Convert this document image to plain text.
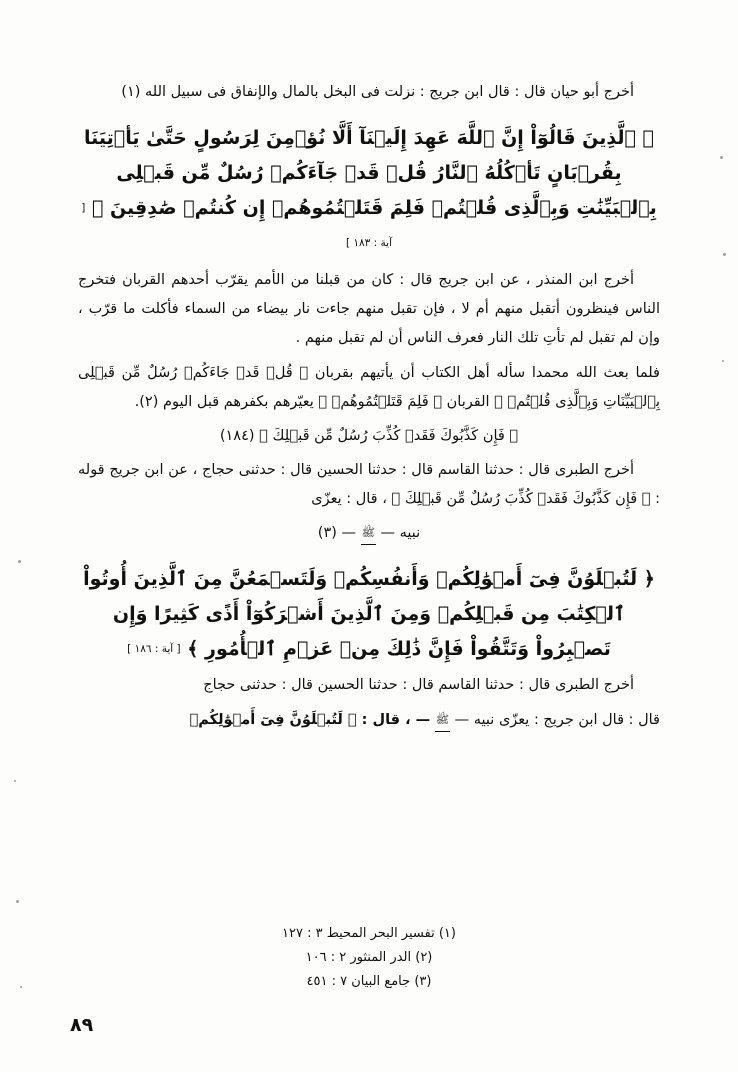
أخرج أبو حيان قال : قال ابن جريج : نزلت فى البخل بالمال والإنفاق فى سبيل الله (١)

﴿ ٱلَّذِينَ قَالُوٓاْ إِنَّ ٱللَّهَ عَهِدَ إِلَيۡنَآ أَلَّا نُؤۡمِنَ لِرَسُولٍ حَتَّىٰ يَأۡتِيَنَا بِقُرۡبَانٍ تَأۡكُلُهُ ٱلنَّارُ قُلۡ قَدۡ جَآءَكُمۡ رُسُلٌ مِّن قَبۡلِى بِٱلۡبَيِّنَٰتِ وَبِٱلَّذِى قُلۡتُمۡ فَلِمَ قَتَلۡتُمُوهُمۡ إِن كُنتُمۡ صَٰدِقِينَ ﴾ [ آية : ١٨٣ ]

أخرج ابن المنذر ، عن ابن جريج قال : كان من قبلنا من الأمم يقرّب أحدهم القربان فتخرج الناس فينظرون أتقبل منهم أم لا ، فإن تقبل منهم جاءت نار بيضاء من السماء فأكلت ما قرّب ، وإن لم تقبل لم تأتِ تلك النار فعرف الناس أن لم تقبل منهم .

فلما بعث الله محمدا سأله أهل الكتاب أن يأتيهم بقربان ﴿ قُلۡ قَدۡ جَاءَكُمۡ رُسُلٌ مِّن قَبۡلِى بِٱلۡبَيِّنَاتِ وَبِٱلَّذِى قُلۡتُمۡ ﴾ القربان ﴿ فَلِمَ قَتَلۡتُمُوهُمۡ ﴾ يعيّرهم بكفرهم قبل اليوم (٢).

﴿ فَإِن كَذَّبُوكَ فَقَدۡ كُذِّبَ رُسُلٌ مِّن قَبۡلِكَ ﴾ (١٨٤)

أخرج الطبرى قال : حدثنا القاسم قال : حدثنا الحسين قال : حدثنى حجاج ، عن ابن جريج قوله : ﴿ فَإِن كَذَّبُوكَ فَقَدۡ كُذِّبَ رُسُلٌ مِّن قَبۡلِكَ ﴾ ، قال : يعزّى

نبيه — ﷺ — (٣)
﴿ لَتُبۡلَوُنَّ فِىٓ أَمۡوَٰلِكُمۡ وَأَنفُسِكُمۡ وَلَتَسۡمَعُنَّ مِنَ ٱلَّذِينَ أُوتُواْ ٱلۡكِتَٰبَ مِن قَبۡلِكُمۡ وَمِنَ ٱلَّذِينَ أَشۡرَكُوٓاْ أَذًى كَثِيرًا وَإِن تَصۡبِرُواْ وَتَتَّقُواْ فَإِنَّ ذَٰلِكَ مِنۡ عَزۡمِ ٱلۡأُمُورِ ﴾ [ آية : ١٨٦ ]

أخرج الطبرى قال : حدثنا القاسم قال : حدثنا الحسين قال : حدثنى حجاج

قال : قال ابن جريج : يعزّى نبيه — ﷺ — ، قال : ﴿ لَتُبۡلَوُنَّ فِىٓ أَمۡوَٰلِكُمۡ

(١) تفسير البحر المحيط ٣ : ١٢٧

(٢) الدر المنثور ٢ : ١٠٦

(٣) جامع البيان ٧ : ٤٥١

٨٩
